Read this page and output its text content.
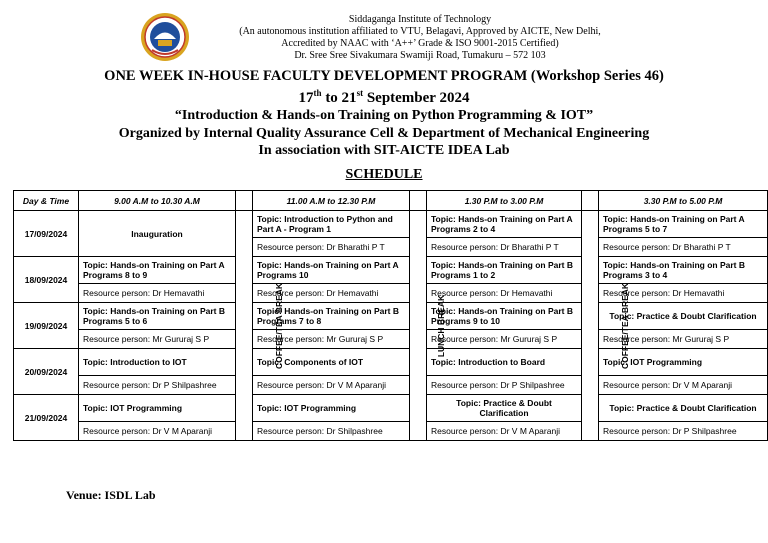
Siddaganga Institute of Technology
(An autonomous institution affiliated to VTU, Belagavi, Approved by AICTE, New Delhi,
Accredited by NAAC with ‘A++’ Grade & ISO 9001-2015 Certified)
Dr. Sree Sree Sivakumara Swamiji Road, Tumakuru – 572 103
ONE WEEK IN-HOUSE FACULTY DEVELOPMENT PROGRAM (Workshop Series 46)
17th to 21st September 2024
“Introduction & Hands-on Training on Python Programming & IOT”
Organized by Internal Quality Assurance Cell & Department of Mechanical Engineering
In association with SIT-AICTE IDEA Lab
SCHEDULE
Day & Time	9.00 A.M to 10.30 A.M		11.00 A.M to 12.30 P.M		1.30 P.M to 3.00 P.M		3.30 P.M to 5.00 P.M
17/09/2024	Inauguration	COFFEE/TEA BREAK	Topic: Introduction to Python and Part A - Program 1	LUNCH BREAK	Topic: Hands-on Training on Part A Programs 2 to 4	COFFEE/TEA BREAK	Topic: Hands-on Training on Part A Programs 5 to 7
			Resource person: Dr Bharathi P T		Resource person: Dr Bharathi P T		Resource person: Dr Bharathi P T
18/09/2024	Topic: Hands-on Training on Part A Programs 8 to 9		Topic: Hands-on Training on Part A Programs 10		Topic: Hands-on Training on Part B Programs 1 to 2		Topic: Hands-on Training on Part B Programs 3 to 4
	Resource person: Dr Hemavathi		Resource person: Dr Hemavathi		Resource person: Dr Hemavathi		Resource person: Dr Hemavathi
19/09/2024	Topic: Hands-on Training on Part B Programs 5 to 6		Topic: Hands-on Training on Part B Programs 7 to 8		Topic: Hands-on Training on Part B Programs 9 to 10		Topic: Practice & Doubt Clarification
	Resource person: Mr Gururaj S P		Resource person: Mr Gururaj S P		Resource person: Mr Gururaj S P		Resource person: Mr Gururaj S P
20/09/2024	Topic: Introduction to IOT		Topic: Components of IOT		Topic: Introduction to Board		Topic: IOT Programming
	Resource person: Dr P Shilpashree		Resource person: Dr V M Aparanji		Resource person: Dr P Shilpashree		Resource person: Dr V M Aparanji
21/09/2024	Topic: IOT Programming		Topic: IOT Programming		Topic: Practice & Doubt Clarification		Topic: Practice & Doubt Clarification
	Resource person: Dr V M Aparanji		Resource person: Dr Shilpashree		Resource person: Dr V M Aparanji		Resource person: Dr P Shilpashree
Venue: ISDL Lab
